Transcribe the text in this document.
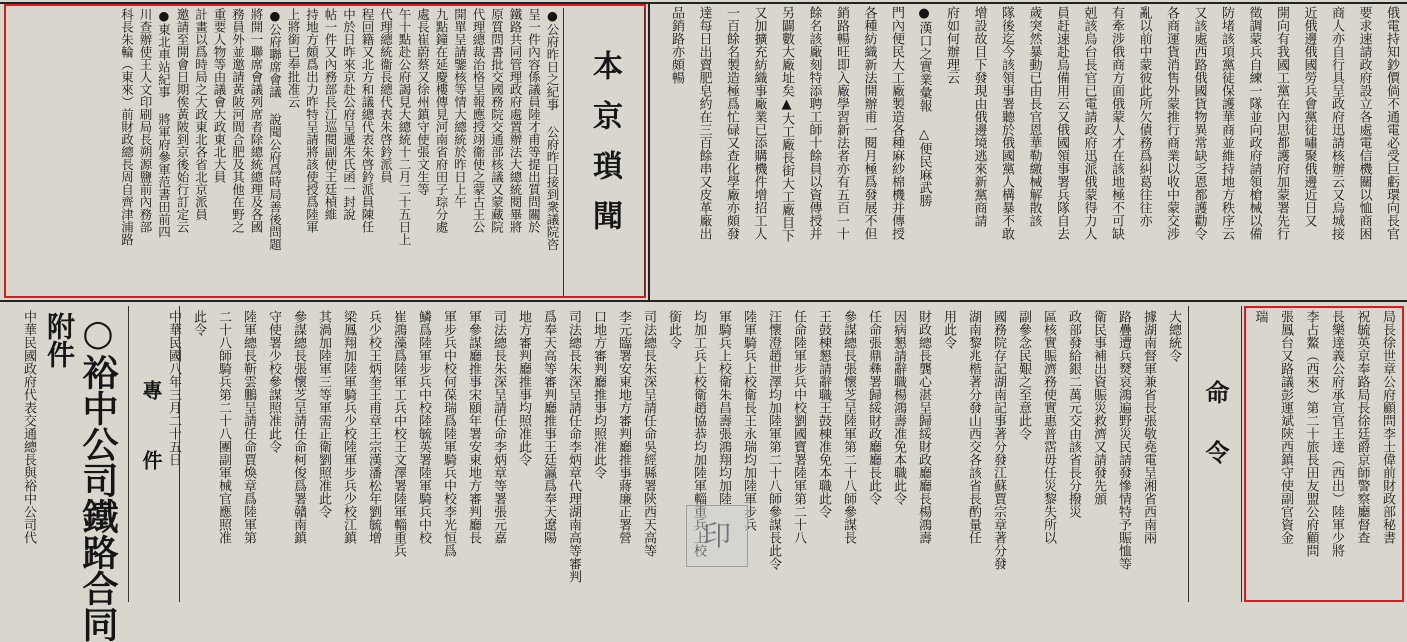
俄電持知鈔價倘不通電必受巨虧環向長官
要求速請政府設立各處電信機關以恤商困
商人亦自行具呈政府迅請核辦云又烏城接
近俄邊俄國勞兵會黨徒嘯聚俄邊近日又
開向有我國工黨在內思都護府加蒙署先行
徵調蒙兵自練一隊並向政府請領槍械以備
防堵該項黨徒保護華商並維持地方秩序云
又該處西路俄國貨物異常缺乏恩都護勸令
各商運貨消售外蒙推行商業以收中蒙交涉
亂以前中蒙彼此所欠債務爲糾葛往往亦
有牽涉俄商方面俄蒙人才在該地極不可缺
剋該烏台長官已電請政府迅派俄蒙得力人
員赶速赴烏備用云又俄國領事署兵隊自去
歲突然暴動已由長官恩華勒繳械解散該
隊後迄今該領事署聽於俄國黨人構暴不敢
增設故目下發現由俄邊境逃來新黨商請
府如何辦理云
●漢口之實業彙報 △便民麻武勝
門內便民大工廠製造各種麻紗棉機并傳授
各種紡織新法開辦甫一閱月極爲發展不但
銷路暢旺即入廠學習新法者亦有五百一十
餘名該廠刻特添聘工師十餘員以資傳授并
另闢數大廠址矣▲大工廠長街大工廠目下
又加擴充紡織事廠業已添購機件增招工人
一百餘名製造極爲忙碌又查化學廠亦頗發
達每日出賣肥皂約在三百餘串又皮革廠出
品銷路亦頗暢
●公府昨日之紀事 公府昨日接到衆議院咨
呈一件內容係議員陸才甫等提出質問關於
鐵路共同管理政府處置辦法大總統閱畢將
原質問書批交國務院交通部核議又蒙藏院
代理總裁治格呈報應授翊衞使之蒙古王公
開單呈請鑒核等情大總統於昨日上午
九點鐘在延慶樓傳見河南省府田子琮分處
處長崔蔚蔡又徐州鎮守使張文生等
午十點赴公府謁見大總統十二月二十五日上
代理總統衞長總代表朱啓鈐派員
程回籍又北方和議總代表朱啓鈐派員陳任
中於日昨來京赴公府呈遞朱氏函一封說
帖一件又內務部長江巡閱副使王廷楨維
持地方頗爲出力昨特呈請將該使授爲陸軍
上將銜已奉批准云
●公府聯席會議 說聞公府爲時局善後問題
將開一聯席會議列席者除總統總理及各國
務員外並邀請黃陂河間合肥及其他在野之
重要人物等由議會大政東北大員
計畫以爲時局之大政東北各省北京派員
邀請至開會日期俟黃陂到京後始行訂定云
●東北車站紀事 將軍府參軍范書田前四
川查辦使王人文印刷局長朔源鹽前內務部
科長朱輪（東來）前財政總長周自齊津浦路	本京瑣聞
命令	局長徐世章公府顧問李士偉前財政部秘書
祝毓英京奉路局長徐廷爵京師警察廳督查
長樂達義公府承宣官王達（西出）陸軍少將
李占鰲（西來）第二十旅長田友盟公府顧問
張鳳台又路議彭運斌陝西鎮守使副官資金
瑞
大總統令
據湖南督軍兼省長張敬堯電呈湘省西南兩
路疊遭兵燹哀鴻遍野災民請發慘情特予賑恤等
衛民事補出資賑災救濟又請發先頒
政部發給銀二萬元交由該省長分撥災
區核實賑濟務使實惠普霑毋任災黎失所以
副參念民艱之至意此令
國務院存記湖南記事著分發江蘇賈宗章著分發
湖南黎兆楷著分發山西交各該省長酌量任
用此令
財政總長龔心湛呈歸綏財政廳廳長楊鴻壽
因病懇請辭職楊鴻壽准免本職此令
任命張鼎彝署歸綏財政廳廳長此令
參謀總長張懷芝呈陸軍第二十八師參謀長
王鼓棟懇請辭職王鼓棟准免本職此令
任命陸軍步兵中校劉國寶署陸軍第二十八
汪懷澄趙世澤均加陸軍第二十八師參謀長此令
陸軍騎兵上校衛長王永瑞均加陸軍步兵
軍騎兵上校衛朱昌壽張鴻翔均加陸
均加工兵上校衛趙協恭均加陸軍輜重兵上校
銜此令
司法總長朱深呈請任命吳經縣署陝西天高等
李元臨署安東地方審判廳推事蔣廉正署營
口地方審判廳推事均照准此令
司法總長朱深呈請任命李炳章代理湖南高等審判
爲奉天高等審判廳推事王廷瀛爲奉天遼陽
地方審判廳推事均照准此令
司法總長朱深呈請任命李炳章等署張元嘉
軍參謀廳推事宋頤年署安東地方審判廳長
軍步兵中校何葆瑞爲陸軍騎兵中校李光恒爲
鱗爲陸軍步兵中校陸毓英署陸軍騎兵中校
崔鴻藻爲陸軍工兵中校王文澤署陸軍輜重兵
兵少校王炳奎王甫章王宗漢潘松年劉毓增
梁鳳翔加陸軍騎兵少校陸軍步兵少校江鎮
其渦加陸軍三等軍需正衛劉照准此令
參謀總長張懷芝呈請任命柯俊爲署贛南鎮
守使署少校參謀照准此令
陸軍總長靳雲鵬呈請任命賈煥章爲陸軍第
二十八師騎兵第二十八團副軍械官應照准
此令
中華民國八年三月二十五日
印
專件
○裕中公司鐵路合同
附件
中華民國政府代表交通總長與裕中公司代
